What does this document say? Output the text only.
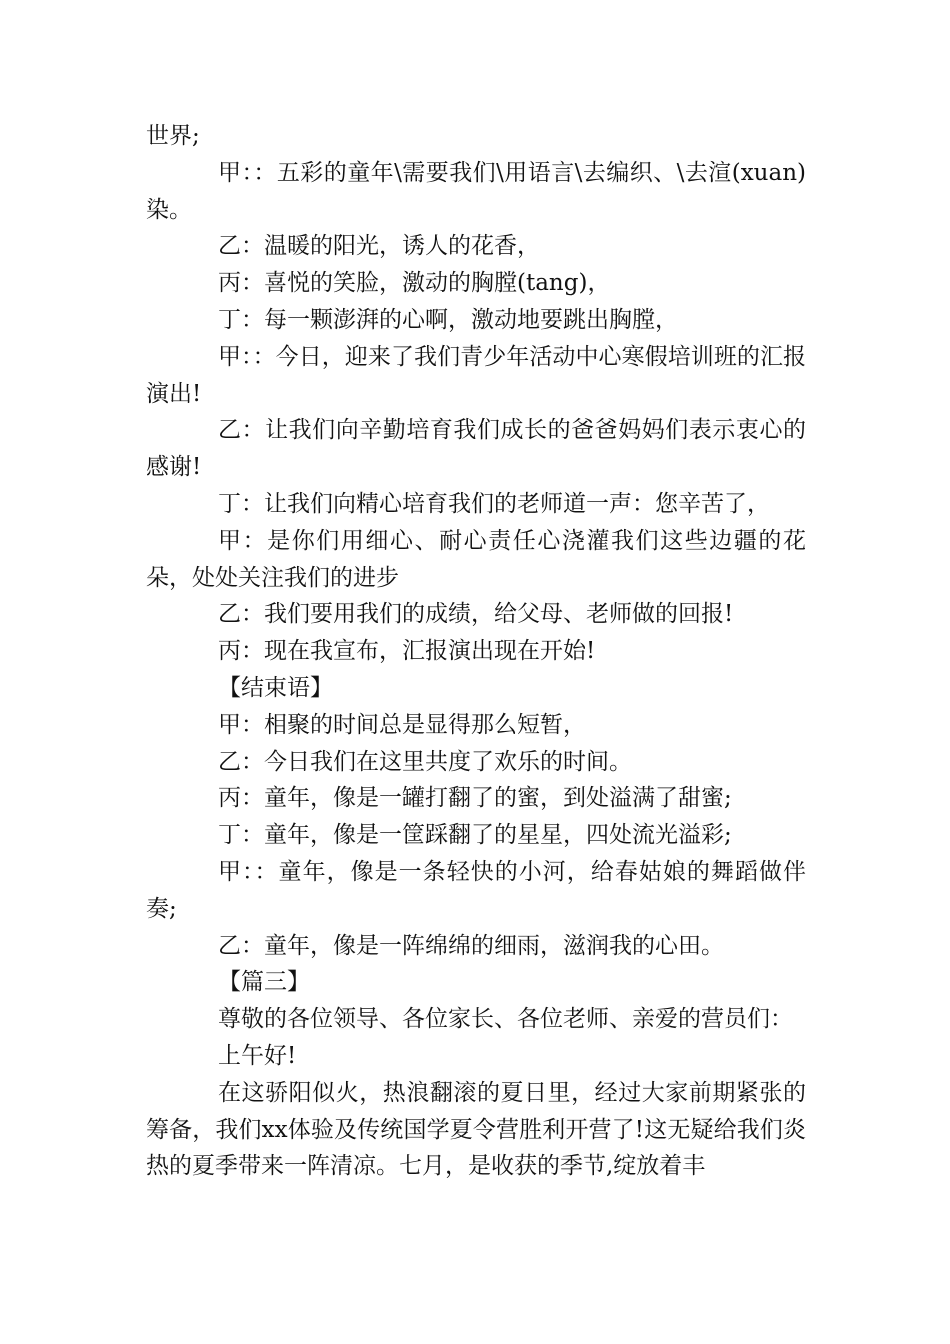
世界;

甲：：五彩的童年\需要我们\用语言\去编织、\去渲(xuan)染。

乙：温暖的阳光，诱人的花香，

丙：喜悦的笑脸，激动的胸膛(tang)，

丁：每一颗澎湃的心啊，激动地要跳出胸膛，

甲：：今日，迎来了我们青少年活动中心寒假培训班的汇报演出!

乙：让我们向辛勤培育我们成长的爸爸妈妈们表示衷心的感谢!

丁：让我们向精心培育我们的老师道一声：您辛苦了，

甲：是你们用细心、耐心责任心浇灌我们这些边疆的花朵，处处关注我们的进步

乙：我们要用我们的成绩，给父母、老师做的回报!

丙：现在我宣布，汇报演出现在开始!

【结束语】

甲：相聚的时间总是显得那么短暂，

乙：今日我们在这里共度了欢乐的时间。

丙：童年，像是一罐打翻了的蜜，到处溢满了甜蜜;

丁：童年，像是一筐踩翻了的星星，四处流光溢彩;

甲：：童年，像是一条轻快的小河，给春姑娘的舞蹈做伴奏;

乙：童年，像是一阵绵绵的细雨，滋润我的心田。

【篇三】

尊敬的各位领导、各位家长、各位老师、亲爱的营员们：

上午好!

在这骄阳似火，热浪翻滚的夏日里，经过大家前期紧张的筹备，我们xx体验及传统国学夏令营胜利开营了!这无疑给我们炎热的夏季带来一阵清凉。七月，是收获的季节,绽放着丰
